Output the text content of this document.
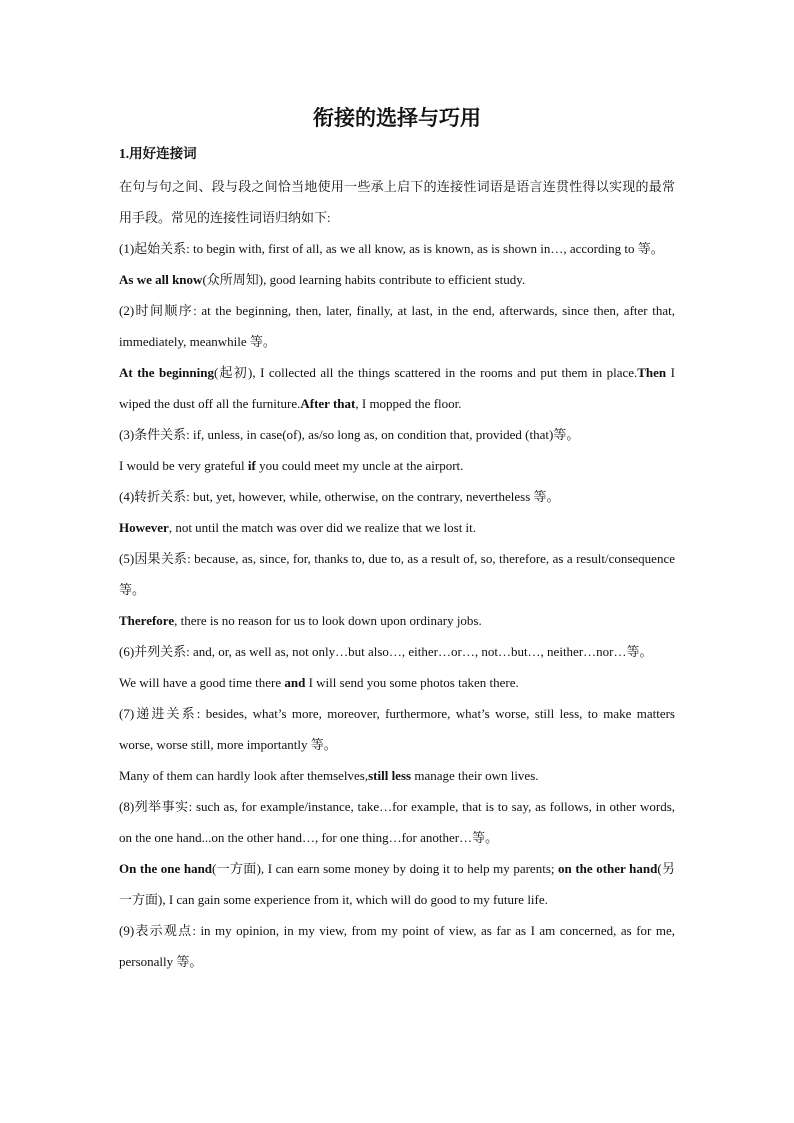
衔接的选择与巧用
1.用好连接词

在句与句之间、段与段之间恰当地使用一些承上启下的连接性词语是语言连贯性得以实现的最常用手段。常见的连接性词语归纳如下:

(1)起始关系: to begin with, first of all, as we all know, as is known, as is shown in…, according to 等。

As we all know(众所周知), good learning habits contribute to efficient study.

(2)时间顺序: at the beginning, then, later, finally, at last, in the end, afterwards, since then, after that, immediately, meanwhile 等。

At the beginning(起初), I collected all the things scattered in the rooms and put them in place.Then I wiped the dust off all the furniture.After that, I mopped the floor.

(3)条件关系: if, unless, in case(of), as/so long as, on condition that, provided (that)等。

I would be very grateful if you could meet my uncle at the airport.

(4)转折关系: but, yet, however, while, otherwise, on the contrary, nevertheless 等。

However, not until the match was over did we realize that we lost it.

(5)因果关系: because, as, since, for, thanks to, due to, as a result of, so, therefore, as a result/consequence等。

Therefore, there is no reason for us to look down upon ordinary jobs.

(6)并列关系: and, or, as well as, not only…but also…, either…or…, not…but…, neither…nor…等。

We will have a good time there and I will send you some photos taken there.

(7)递进关系: besides, what’s more, moreover, furthermore, what’s worse, still less, to make matters worse, worse still, more importantly 等。

Many of them can hardly look after themselves,still less manage their own lives.

(8)列举事实: such as, for example/instance, take…for example, that is to say, as follows, in other words, on the one hand...on the other hand…, for one thing…for another…等。

On the one hand(一方面), I can earn some money by doing it to help my parents; on the other hand(另一方面), I can gain some experience from it, which will do good to my future life.

(9)表示观点: in my opinion, in my view, from my point of view, as far as I am concerned, as for me, personally 等。
